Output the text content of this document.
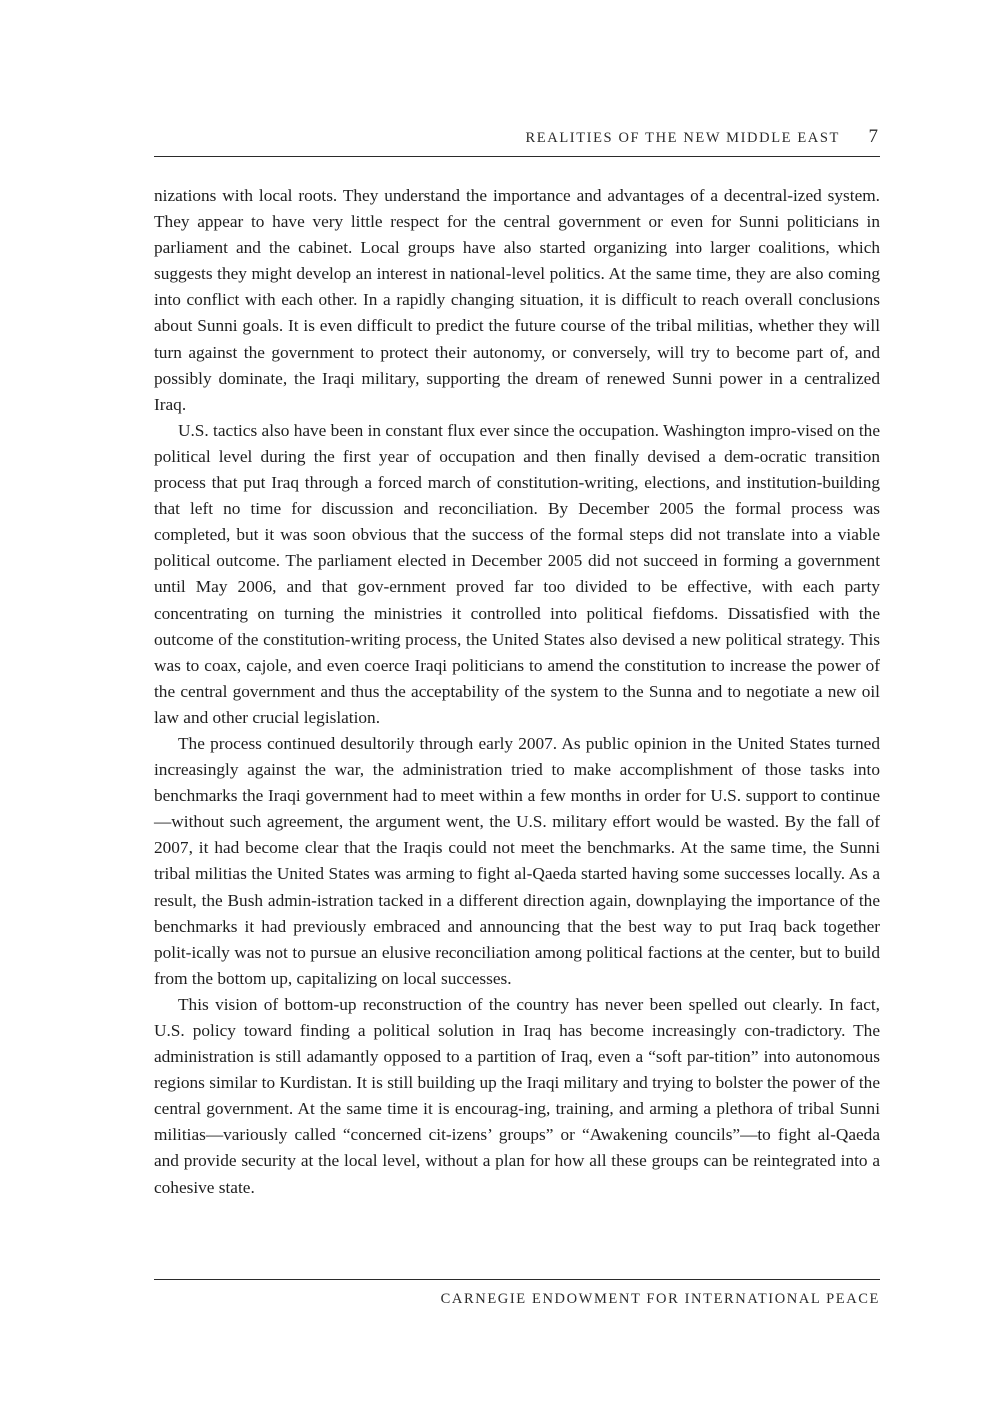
REALITIES OF THE NEW MIDDLE EAST 7

nizations with local roots. They understand the importance and advantages of a decentral-ized system. They appear to have very little respect for the central government or even for Sunni politicians in parliament and the cabinet. Local groups have also started organizing into larger coalitions, which suggests they might develop an interest in national-level politics. At the same time, they are also coming into conflict with each other. In a rapidly changing situation, it is difficult to reach overall conclusions about Sunni goals. It is even difficult to predict the future course of the tribal militias, whether they will turn against the government to protect their autonomy, or conversely, will try to become part of, and possibly dominate, the Iraqi military, supporting the dream of renewed Sunni power in a centralized Iraq.

U.S. tactics also have been in constant flux ever since the occupation. Washington impro-vised on the political level during the first year of occupation and then finally devised a dem-ocratic transition process that put Iraq through a forced march of constitution-writing, elections, and institution-building that left no time for discussion and reconciliation. By December 2005 the formal process was completed, but it was soon obvious that the success of the formal steps did not translate into a viable political outcome. The parliament elected in December 2005 did not succeed in forming a government until May 2006, and that gov-ernment proved far too divided to be effective, with each party concentrating on turning the ministries it controlled into political fiefdoms. Dissatisfied with the outcome of the constitution-writing process, the United States also devised a new political strategy. This was to coax, cajole, and even coerce Iraqi politicians to amend the constitution to increase the power of the central government and thus the acceptability of the system to the Sunna and to negotiate a new oil law and other crucial legislation.

The process continued desultorily through early 2007. As public opinion in the United States turned increasingly against the war, the administration tried to make accomplishment of those tasks into benchmarks the Iraqi government had to meet within a few months in order for U.S. support to continue—without such agreement, the argument went, the U.S. military effort would be wasted. By the fall of 2007, it had become clear that the Iraqis could not meet the benchmarks. At the same time, the Sunni tribal militias the United States was arming to fight al-Qaeda started having some successes locally. As a result, the Bush admin-istration tacked in a different direction again, downplaying the importance of the benchmarks it had previously embraced and announcing that the best way to put Iraq back together polit-ically was not to pursue an elusive reconciliation among political factions at the center, but to build from the bottom up, capitalizing on local successes.

This vision of bottom-up reconstruction of the country has never been spelled out clearly. In fact, U.S. policy toward finding a political solution in Iraq has become increasingly con-tradictory. The administration is still adamantly opposed to a partition of Iraq, even a “soft par-tition” into autonomous regions similar to Kurdistan. It is still building up the Iraqi military and trying to bolster the power of the central government. At the same time it is encourag-ing, training, and arming a plethora of tribal Sunni militias—variously called “concerned cit-izens’ groups” or “Awakening councils”—to fight al-Qaeda and provide security at the local level, without a plan for how all these groups can be reintegrated into a cohesive state.

CARNEGIE ENDOWMENT FOR INTERNATIONAL PEACE
